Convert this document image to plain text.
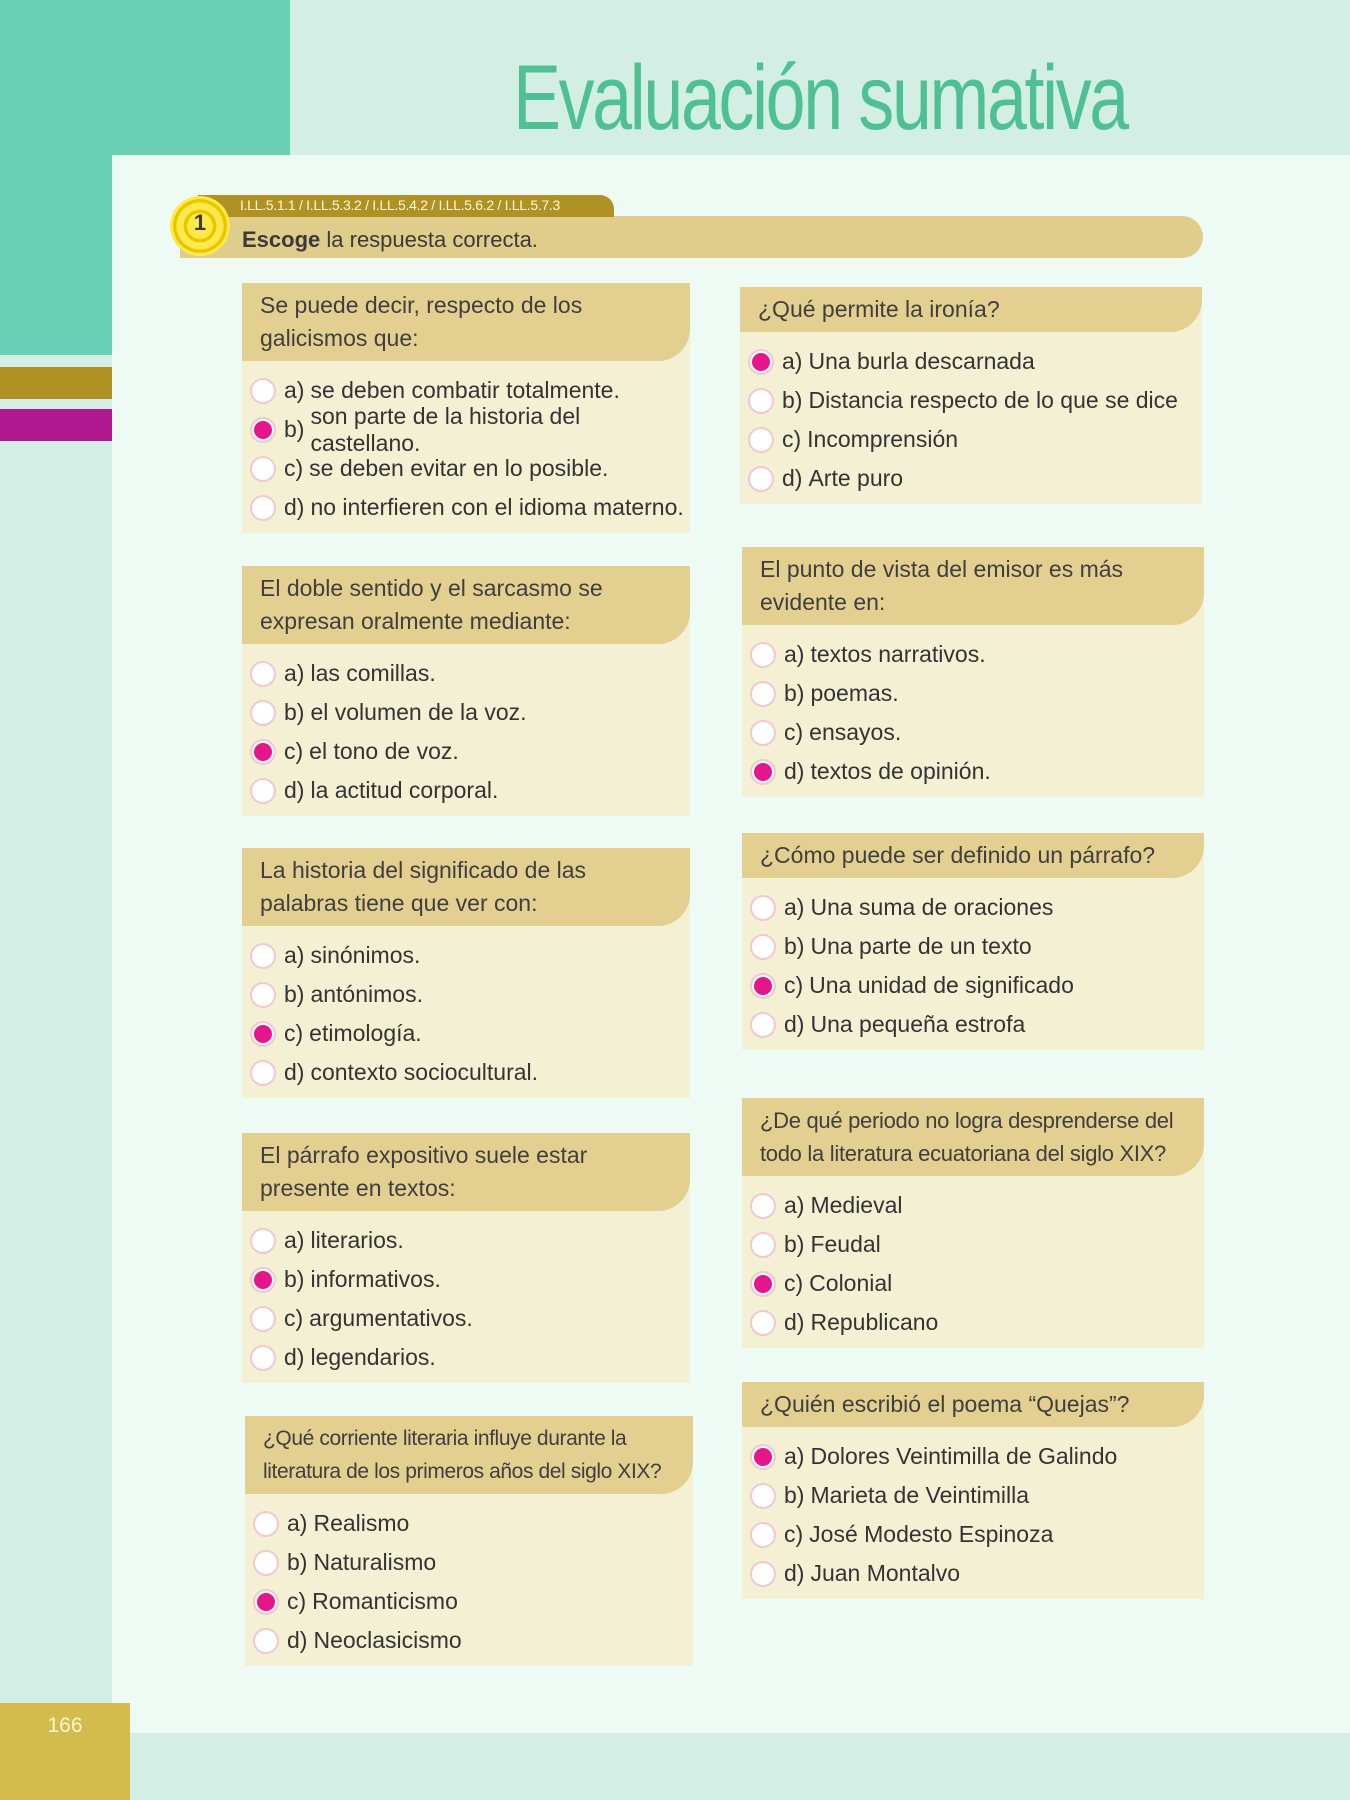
Evaluación sumativa
166
I.LL.5.1.1 / I.LL.5.3.2 / I.LL.5.4.2 / I.LL.5.6.2 / I.LL.5.7.3
1
Escoge la respuesta correcta.
Se puede decir, respecto de los galicismos que:
a) se deben combatir totalmente.
b)
son parte de la historia del castellano.
c) se deben evitar en lo posible.
d) no interfieren con el idioma materno.
El doble sentido y el sarcasmo se expresan oralmente mediante:
a) las comillas.
b) el volumen de la voz.
c) el tono de voz.
d) la actitud corporal.
La historia del significado de las palabras tiene que ver con:
a) sinónimos.
b) antónimos.
c) etimología.
d) contexto sociocultural.
El párrafo expositivo suele estar presente en textos:
a) literarios.
b) informativos.
c) argumentativos.
d) legendarios.
¿Qué corriente literaria influye durante la literatura de los primeros años del siglo XIX?
a) Realismo
b) Naturalismo
c) Romanticismo
d) Neoclasicismo
¿Qué permite la ironía?
a) Una burla descarnada
b) Distancia respecto de lo que se dice
c) Incomprensión
d) Arte puro
El punto de vista del emisor es más evidente en:
a) textos narrativos.
b) poemas.
c) ensayos.
d) textos de opinión.
¿Cómo puede ser definido un párrafo?
a) Una suma de oraciones
b) Una parte de un texto
c) Una unidad de significado
d) Una pequeña estrofa
¿De qué periodo no logra desprenderse del todo la literatura ecuatoriana del siglo XIX?
a) Medieval
b) Feudal
c) Colonial
d) Republicano
¿Quién escribió el poema “Quejas”?
a) Dolores Veintimilla de Galindo
b) Marieta de Veintimilla
c) José Modesto Espinoza
d) Juan Montalvo
